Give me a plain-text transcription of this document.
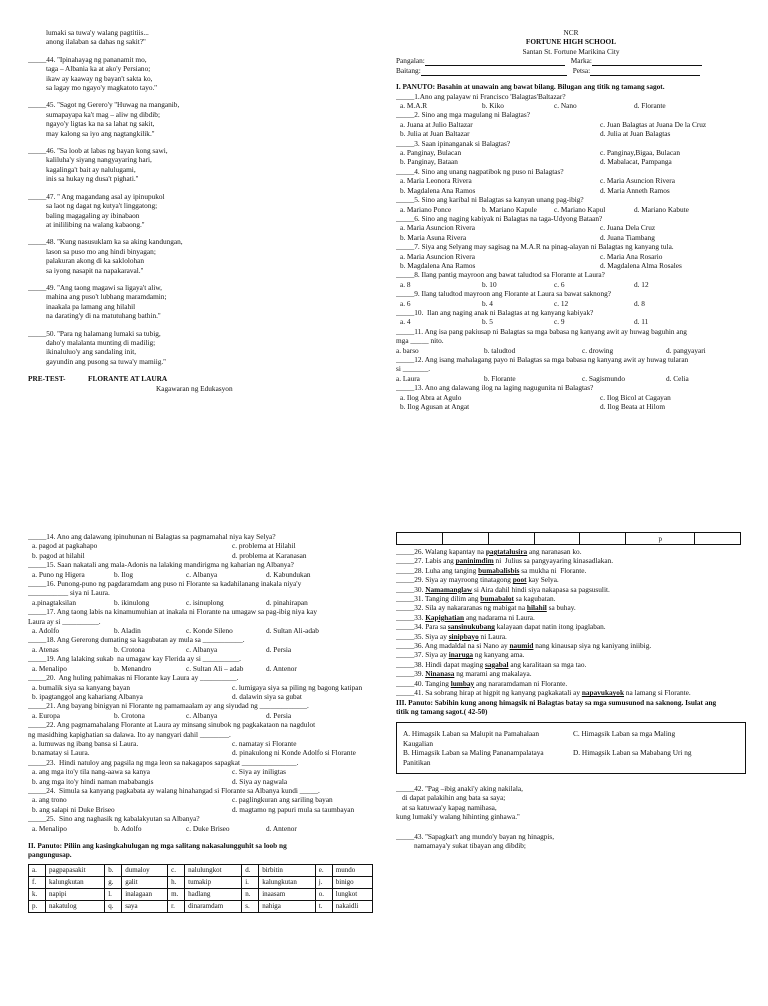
lumaki sa tuwa'y walang pagtitiis...
anong ilalaban sa dahas ng sakit?''
_____44. ''Ipinahayag ng pananamit mo,
taga – Albania ka at ako'y Persiano;
ikaw ay kaaway ng bayan't sakta ko,
sa lagay mo ngayo'y magkatoto tayo.''
_____45. ''Sagot ng Gerero'y ''Huwag na manganib,
sumapayapa ka't mag – aliw ng dibdib;
ngayo'y ligtas ka na sa lahat ng sakit,
may kalong sa iyo ang nagtangkilik.''
_____46. ''Sa loob at labas ng bayan kong sawi,
kaliluha'y siyang nangyayaring hari,
kagalinga't bait ay nalulugami,
inis sa hukay ng dusa't pighati.''
_____47. '' Ang magandang asal ay ipinupukol
sa laot ng dagat ng kutya't linggatong;
baling magagaling ay ibinabaon
at inililibing na walang kabaong.''
_____48. ''Kung nasusuklam ka sa aking kandungan,
lason sa puso mo ang hindi binyagan;
palakuran akong di ka saklolohan
sa iyong nasapit na napakaraval.''
_____49. ''Ang taong magawi sa ligaya't aliw,
mahina ang puso't lubhang maramdamin;
inaakala pa lamang ang hilahil
na darating'y di na matutuhang bathin.''
_____50. ''Para ng halamang lumaki sa tubig,
daho'y malalanta munting di madilig;
ikinaluluo'y ang sandaling init,
gayundin ang pusong sa tuwa'y mamiig.''
PRE-TEST-	FLORANTE AT LAURA
Kagawaran ng Edukasyon
NCR
FORTUNE HIGH SCHOOL
Santan St. Fortune Marikina City
Pangalan:	Marka:
Baitang:	Petsa:
I. PANUTO: Basahin at unawain ang bawat bilang. Bilugan ang titik ng tamang sagot.
_____1.Ano ang palayaw ni Francisco 'Balagtas'Baltazar?
a. M.A.R	b. Kiko	c. Nano	d. Florante
_____2. Sino ang mga magulang ni Balagtas?
a. Juana at Julio Baltazar	c. Juan Balagtas at Juana De la Cruz
b. Julia at Juan Baltazar	d. Julia at Juan Balagtas
_____3. Saan ipinanganak si Balagtas?
a. Panginay, Bulacan	c. Panginay,Bigaa, Bulacan
b. Panginay, Bataan	d. Mabalacat, Pampanga
_____4. Sino ang unang nagpatibok ng puso ni Balagtas?
a. Maria Leonora Rivera	c. Maria Asuncion Rivera
b. Magdalena Ana Ramos	d. Maria Anneth Ramos
_____5. Sino ang karibal ni Balagtas sa kanyan unang pag-ibig?
a. Mariano Ponce	b. Mariano Kapule	c. Mariano Kapul	d. Mariano Kabute
_____6. Sino ang naging kabiyak ni Balagtas na taga-Udyong Bataan?
a. Maria Asuncion Rivera	c. Juana Dela Cruz
b. Maria Asuna Rivera	d. Juana Tiambang
_____7. Siya ang Selyang may sagisag na M.A.R na pinag-alayan ni Balagtas ng kanyang tula.
a. Maria Asuncion Rivera	c. Maria Ana Rosario
b. Magdalena Ana Ramos	d. Magdalena Alma Rosales
_____8. Ilang pantig mayroon ang bawat taludtod sa Florante at Laura?
a. 8	b. 10	c. 6	d. 12
_____9. Ilang taludtod mayroon ang Florante at Laura sa bawat saknong?
a. 6	b. 4	c. 12	d. 8
_____10.  Ilan ang naging anak ni Balagtas at ng kanyang kabiyak?
a. 4	b. 5	c. 9	d. 11
_____11. Ang isa pang pakiusap ni Balagtas sa mga babasa ng kanyang awit ay huwag baguhin ang
mga _____ nito.
a. barso	b. taludtod	c. drowing	d. pangyayari
_____12. Ang isang mahalagang payo ni Balagtas sa mga babasa ng kanyang awit ay huwag tularan
si _______.
a. Laura	b. Florante	c. Sagismundo	d. Celia
_____13. Ano ang dalawang ilog na laging nagugunita ni Balagtas?
a. Ilog Abra at Agulo	c. Ilog Bicol at Cagayan
b. Ilog Agusan at Angat	d. Ilog Beata at Hilom
_____14. Ano ang dalawang ipinuhunan ni Balagtas sa pagmamahal niya kay Selya?
a. pagod at pagkahapo	c. problema at Hilahil
b. pagod at hilahil	d. problema at Karanasan
_____15. Saan nakatali ang mala-Adonis na lalaking mandirigma ng kaharian ng Albanya?
a. Puno ng Higera	b. Ilog	c. Albanya	d. Kabundukan
_____16. Punong-puno ng pagdaramdam ang puso ni Florante sa kadahilanang inakala niya'y
___________ siya ni Laura.
a.pinagtaksilan	b. ikinulong	c. isinuplong	d. pinahirapan
_____17. Ang taong labis na kinamumuhian at inakala ni Florante na umagaw sa pag-ibig niya kay
Laura ay si __________.
a. Adolfo	b. Aladin	c. Konde Sileno	d. Sultan Ali-adab
_____18. Ang Gererong dumating sa kagubatan ay mula sa ___________.
a. Atenas	b. Crotona	c. Albanya	d. Persia
_____19. Ang lalaking sukab  na umagaw kay Flerida ay si __________.
a. Menalipo	b. Menandro	c. Sultan Ali – adab	d. Antenor
_____20.  Ang huling pahimakas ni Florante kay Laura ay __________.
a. bumalik siya sa kanyang bayan	c. lumigaya siya sa piling ng bagong katipan
b. ipagtanggol ang kahariang Albanya	d. dalawin siya sa gubat
_____21. Ang bayang binigyan ni Florante ng pamamaalam ay ang siyudad ng _____________.
a. Europa	b. Crotona	c. Albanya	d. Persia
_____22. Ang pagmamahalang Florante at Laura ay minsang sinubok ng pagkakataon na nagdulot
ng masidhing kapighatian sa dalawa. Ito ay nangyari dahil ________.
a. lumuwas ng ibang bansa si Laura.	c. namatay si Florante
b.namatay si Laura.	d. pinakulong ni Konde Adolfo si Florante
_____23.  Hindi natuloy ang pagsila ng mga leon sa nakagapos sapagkat _______________.
a. ang mga ito'y tila nang-aawa sa kanya	c. Siya ay iniligtas
b. ang mga ito'y hindi naman mababangis	d. Siya ay nagwala
_____24.  Simula sa kanyang pagkabata ay walang hinahangad si Florante sa Albanya kundi _____.
a. ang trono	c. paglingkuran ang sariling bayan
b. ang salapi ni Duke Briseo	d. magtamo ng papuri mula sa taumbayan
_____25.  Sino ang naghasik ng kabalakyutan sa Albanya?
a. Menalipo	b. Adolfo	c. Duke Briseo	d. Antenor
II. Panuto: Piliin ang kasingkahulugan ng mga salitang nakasalungguhit sa loob ng
pangungusap.
a.	pagpapasakit	b.	dumaloy	c.	nalulungkot	d.	birbitin	e.	mundo
f.	kalungkutan	g.	galit	h.	tumakip	i.	kalungkutan	j.	binigo
k.	napipi	l.	inalagaan	m.	hadlang	n.	inaasam	o.	lungkot
p.	nakatulog	q.	saya	r.	dinaramdam	s.	nahiga	t.	nakaidli
					p	
_____26. Walang kapantay na pagtatalusira ang naranasan ko.
_____27. Labis ang paninimdim ni  Julius sa pangyayaring kinasadlakan.
_____28. Luha ang tanging bumabalisbis sa mukha ni  Florante.
_____29. Siya ay mayroong tinatagong poot kay Selya.
_____30. Namamanglaw si Aira dahil hindi siya nakapasa sa pagsusulit.
_____31. Tanging dilim ang bumabalot sa kagubatan.
_____32. Sila ay nakararanas ng mabigat na hilahil sa buhay.
_____33. Kapighatian ang nadarama ni Laura.
_____34. Para sa sansinukubang kalayaan dapat natin itong ipaglaban.
_____35. Siya ay sinipbayo ni Laura.
_____36. Ang madaldal na si Nano ay naumid nang kinausap siya ng kaniyang iniibig.
_____37. Siya ay inaruga ng kanyang ama.
_____38. Hindi dapat maging sagabal ang karalitaan sa mga tao.
_____39. Ninanasa ng marami ang makalaya.
_____40. Tanging lumbay ang nararamdaman ni Florante.
_____41. Sa sobrang hirap at higpit ng kanyang pagkakatali ay napavukayok na lamang si Florante.
III. Panuto: Sabihin kung anong himagsik ni Balagtas batay sa mga sumusunod na saknong. Isulat ang
titik ng tamang sagot.( 42-50)
A. Himagsik Laban sa Malupit na Pamahalaan	C. Himagsik Laban sa mga Maling
Kaugalian
B. Himagsik Laban sa Maling Pananampalataya	D. Himagsik Laban sa Mababang Uri ng
Panitikan
_____42. ''Pag –ibig anaki'y aking nakilala,
di dapat palakihin ang bata sa saya;
at sa katuwaa'y kapag namihasa,
kung lumaki'y walang hihinting ginhawa.''
_____43. ''Sapagkat't ang mundo'y bayan ng hinagpis,
namamaya'y sukat tibayan ang dibdib;
